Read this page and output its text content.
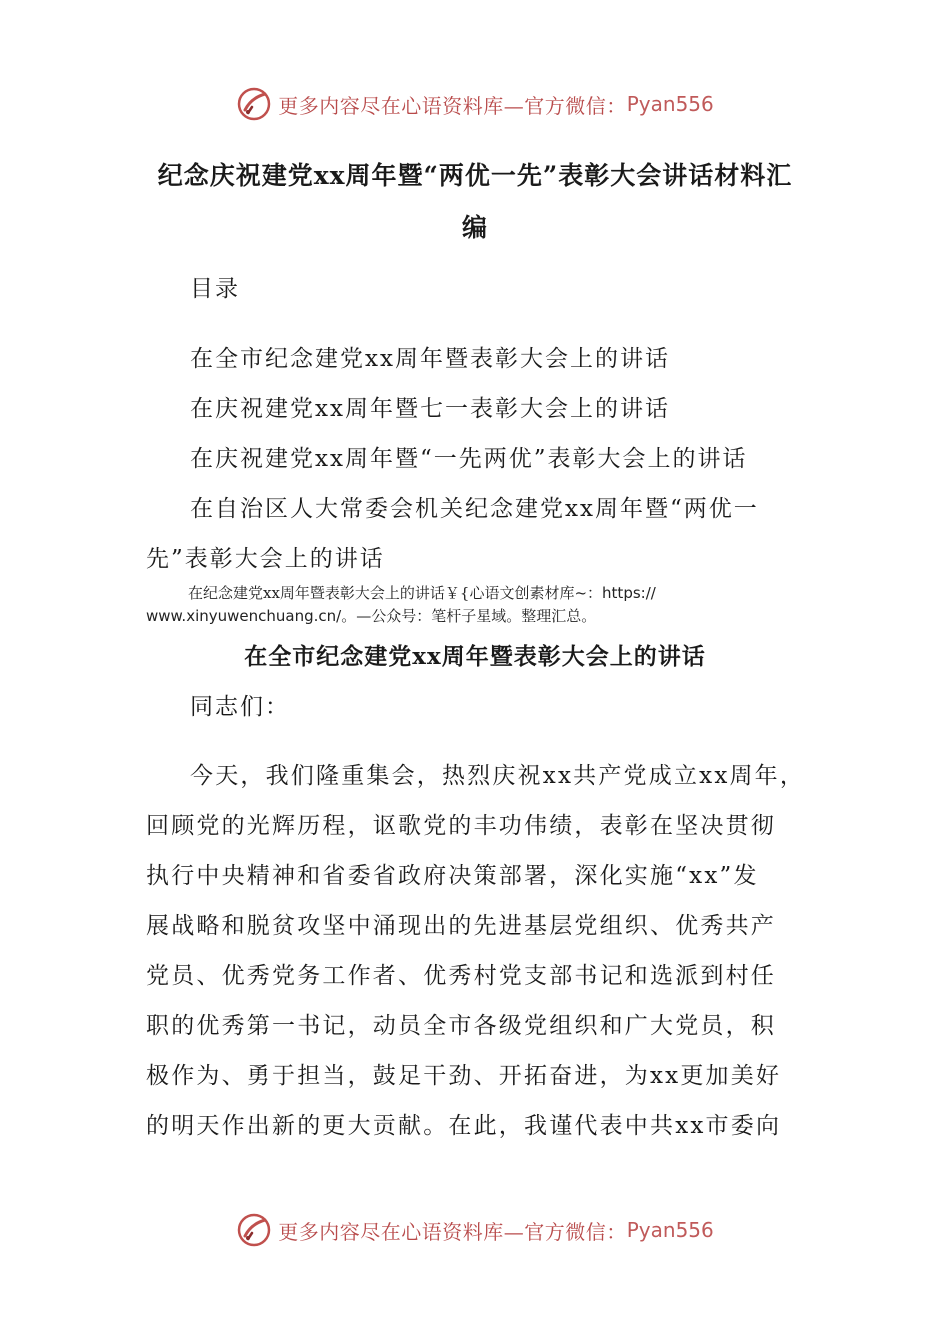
更多内容尽在心语资料库—官方微信： Pyan556
纪念庆祝建党xx周年暨“两优一先”表彰大会讲话材料汇
编
目录
在全市纪念建党xx周年暨表彰大会上的讲话
在庆祝建党xx周年暨七一表彰大会上的讲话
在庆祝建党xx周年暨“一先两优”表彰大会上的讲话
在自治区人大常委会机关纪念建党xx周年暨“两优一
先”表彰大会上的讲话
在纪念建党xx周年暨表彰大会上的讲话￥{心语文创素材库~：https://
www.xinyuwenchuang.cn/。—公众号：笔杆子星域。整理汇总。
在全市纪念建党xx周年暨表彰大会上的讲话
同志们：
今天，我们隆重集会，热烈庆祝xx共产党成立xx周年，
回顾党的光辉历程，讴歌党的丰功伟绩，表彰在坚决贯彻
执行中央精神和省委省政府决策部署，深化实施“xx”发
展战略和脱贫攻坚中涌现出的先进基层党组织、优秀共产
党员、优秀党务工作者、优秀村党支部书记和选派到村任
职的优秀第一书记，动员全市各级党组织和广大党员，积
极作为、勇于担当，鼓足干劲、开拓奋进，为xx更加美好
的明天作出新的更大贡献。在此，我谨代表中共xx市委向
更多内容尽在心语资料库—官方微信： Pyan556
